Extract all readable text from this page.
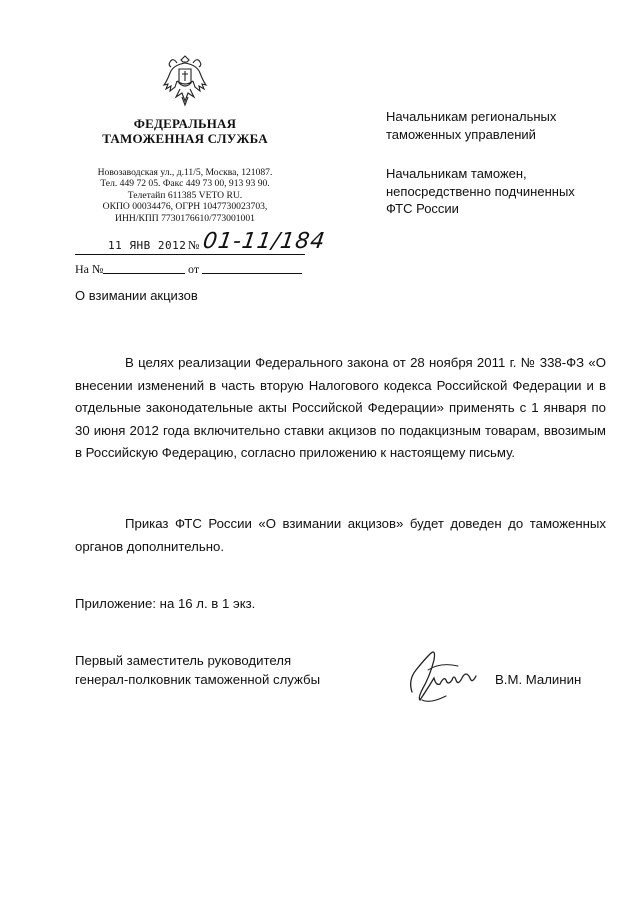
ФЕДЕРАЛЬНАЯ
ТАМОЖЕННАЯ СЛУЖБА
Новозаводская ул., д.11/5, Москва, 121087.
Тел. 449 72 05. Факс 449 73 00, 913 93 90.
Телетайп 611385 VETO RU.
ОКПО 00034476, ОГРН 1047730023703,
ИНН/КПП 7730176610/773001001
11 ЯНВ 2012 № 01-11/184
На №	от
Начальникам региональных
таможенных управлений
Начальникам таможен,
непосредственно подчиненных
ФТС России
О взимании акцизов
В целях реализации Федерального закона от 28 ноября 2011 г. № 338-ФЗ «О внесении изменений в часть вторую Налогового кодекса Российской Федерации и в отдельные законодательные акты Российской Федерации» применять с 1 января по 30 июня 2012 года включительно ставки акцизов по подакцизным товарам, ввозимым в Российскую Федерацию, согласно приложению к настоящему письму.
Приказ ФТС России «О взимании акцизов» будет доведен до таможенных органов дополнительно.
Приложение: на 16 л. в 1 экз.
Первый заместитель руководителя
генерал-полковник таможенной службы	В.М. Малинин
